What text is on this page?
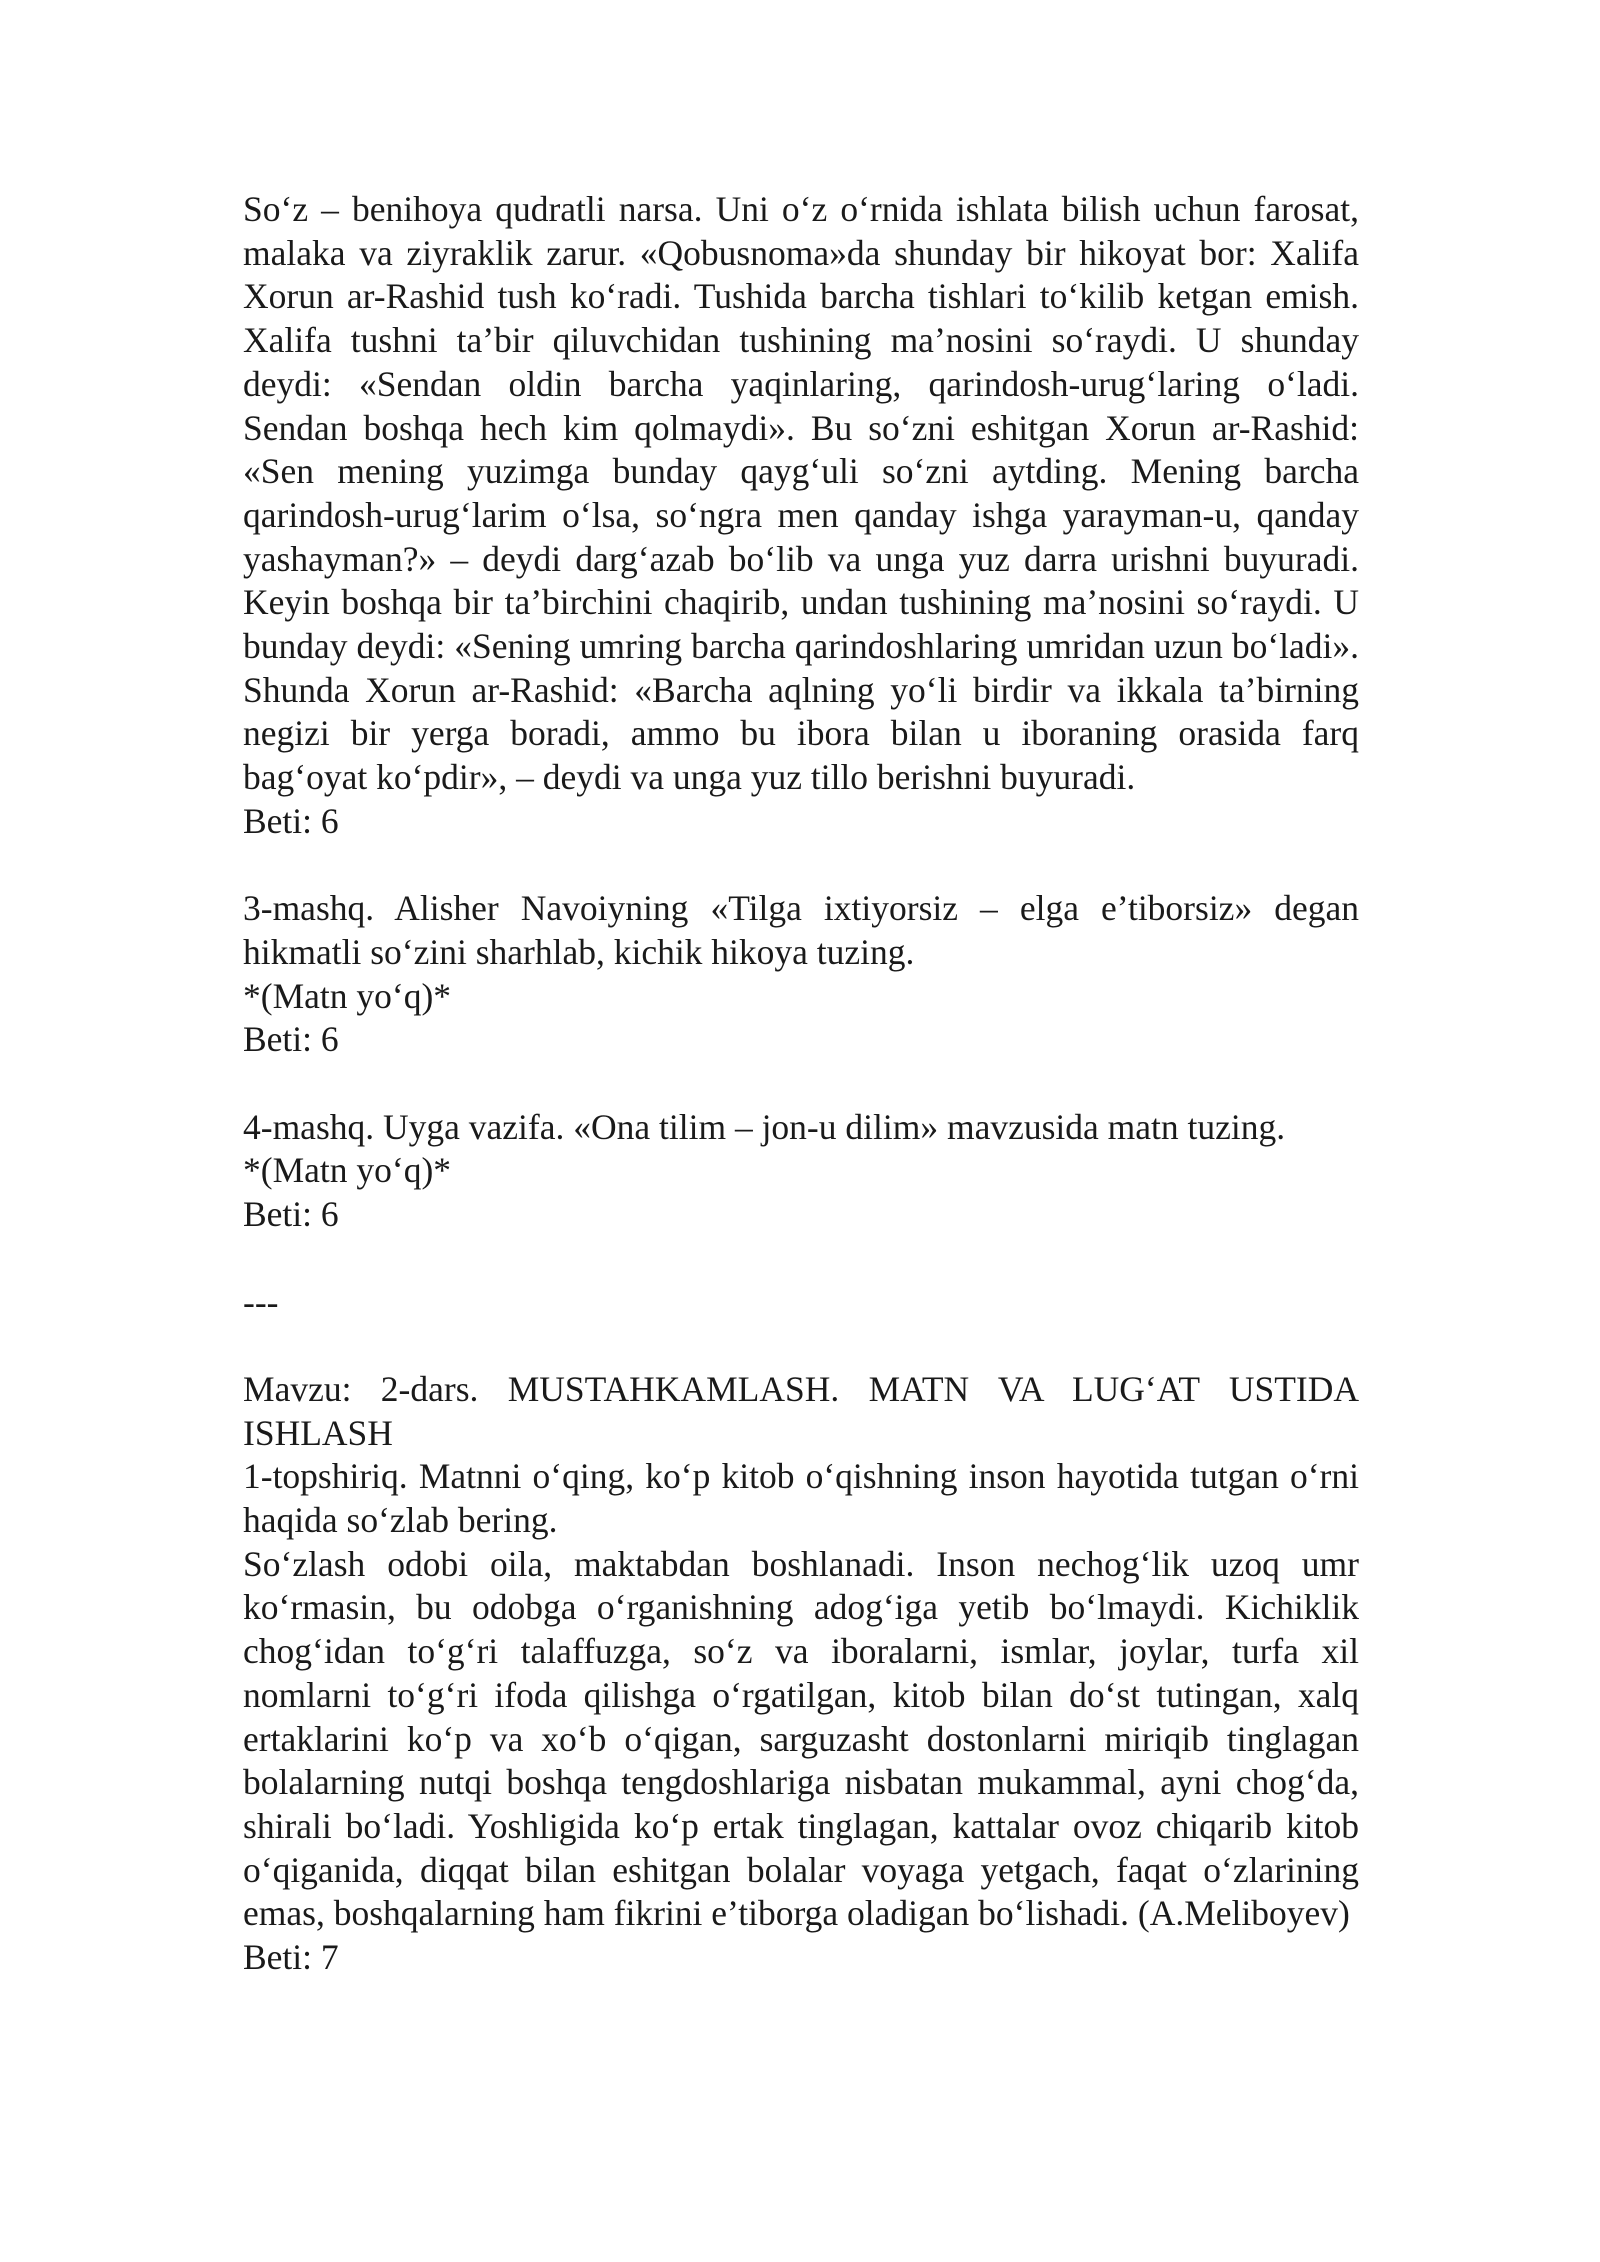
So‘z – benihoya qudratli narsa. Uni o‘z o‘rnida ishlata bilish uchun farosat, malaka va ziyraklik zarur. «Qobusnoma»da shunday bir hikoyat bor: Xalifa Xorun ar-Rashid tush ko‘radi. Tushida barcha tishlari to‘kilib ketgan emish. Xalifa tushni ta’bir qiluvchidan tushining ma’nosini so‘raydi. U shunday deydi: «Sendan oldin barcha yaqinlaring, qarindosh-urug‘laring o‘ladi. Sendan boshqa hech kim qolmaydi». Bu so‘zni eshitgan Xorun ar-Rashid: «Sen mening yuzimga bunday qayg‘uli so‘zni aytding. Mening barcha qarindosh-urug‘larim o‘lsa, so‘ngra men qanday ishga yarayman-u, qanday yashayman?» – deydi darg‘azab bo‘lib va unga yuz darra urishni buyuradi. Keyin boshqa bir ta’birchini chaqirib, undan tushining ma’nosini so‘raydi. U bunday deydi: «Sening umring barcha qarindoshlaring umridan uzun bo‘ladi». Shunda Xorun ar-Rashid: «Barcha aqlning yo‘li birdir va ikkala ta’birning negizi bir yerga boradi, ammo bu ibora bilan u iboraning orasida farq bag‘oyat ko‘pdir», – deydi va unga yuz tillo berishni buyuradi.

Beti: 6

3-mashq. Alisher Navoiyning «Tilga ixtiyorsiz – elga e’tiborsiz» degan hikmatli so‘zini sharhlab, kichik hikoya tuzing.

*(Matn yo‘q)*

Beti: 6

4-mashq. Uyga vazifa. «Ona tilim – jon-u dilim» mavzusida matn tuzing.

*(Matn yo‘q)*

Beti: 6

---

Mavzu: 2-dars. MUSTAHKAMLASH. MATN VA LUG‘AT USTIDA ISHLASH

1-topshiriq. Matnni o‘qing, ko‘p kitob o‘qishning inson hayotida tutgan o‘rni haqida so‘zlab bering.

So‘zlash odobi oila, maktabdan boshlanadi. Inson nechog‘lik uzoq umr ko‘rmasin, bu odobga o‘rganishning adog‘iga yetib bo‘lmaydi. Kichiklik chog‘idan to‘g‘ri talaffuzga, so‘z va iboralarni, ismlar, joylar, turfa xil nomlarni to‘g‘ri ifoda qilishga o‘rgatilgan, kitob bilan do‘st tutingan, xalq ertaklarini ko‘p va xo‘b o‘qigan, sarguzasht dostonlarni miriqib tinglagan bolalarning nutqi boshqa tengdoshlariga nisbatan mukammal, ayni chog‘da, shirali bo‘ladi. Yoshligida ko‘p ertak tinglagan, kattalar ovoz chiqarib kitob o‘qiganida, diqqat bilan eshitgan bolalar voyaga yetgach, faqat o‘zlarining emas, boshqalarning ham fikrini e’tiborga oladigan bo‘lishadi. (A.Meliboyev)

Beti: 7
